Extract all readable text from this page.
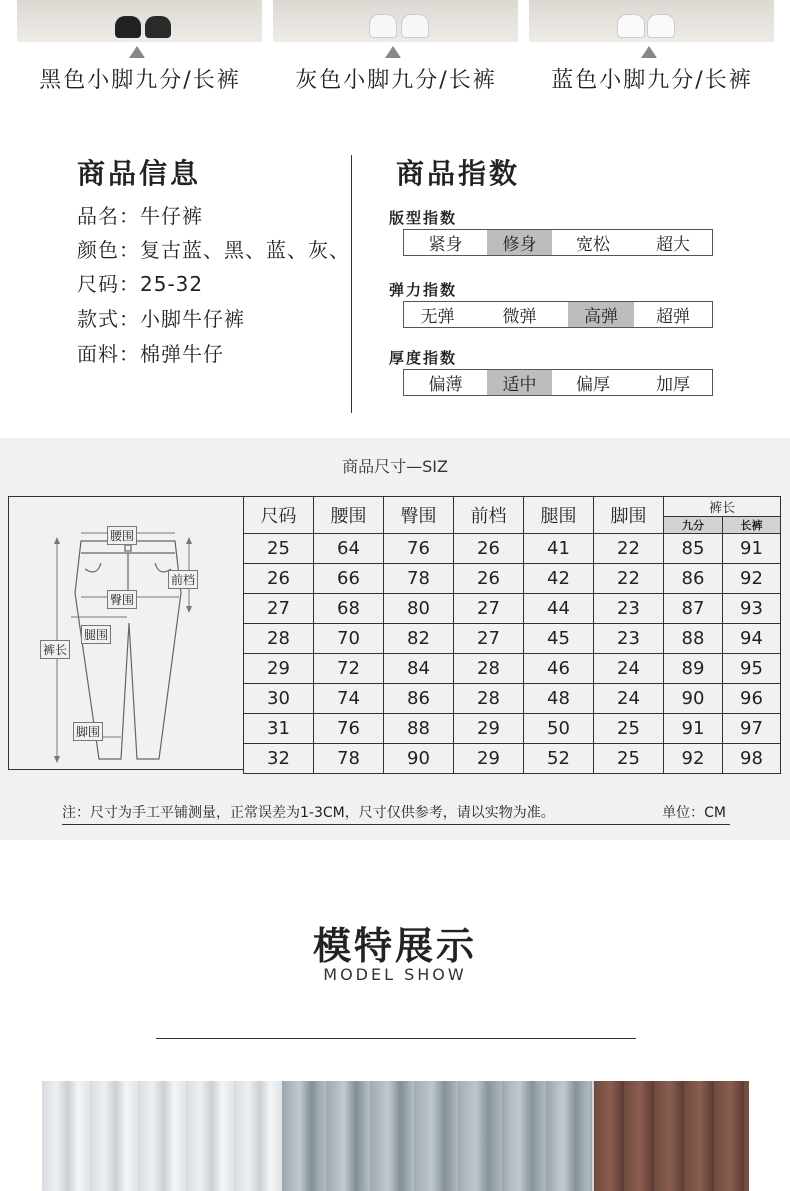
黑色小脚九分/长裤	灰色小脚九分/长裤	蓝色小脚九分/长裤
商品信息
品名：牛仔裤
颜色：复古蓝、黑、蓝、灰、
尺码：25-32
款式：小脚牛仔裤
面料：棉弹牛仔
商品指数
版型指数
紧身	修身	宽松	超大
弹力指数
无弹	微弹	高弹	超弹
厚度指数
偏薄	适中	偏厚	加厚
商品尺寸—SIZ
腰围
前档
臀围
腿围
裤长
脚围
尺码	腰围	臀围	前档	腿围	脚围	裤长	
						九分	长裤
25	64	76	26	41	22	85	91
26	66	78	26	42	22	86	92
27	68	80	27	44	23	87	93
28	70	82	27	45	23	88	94
29	72	84	28	46	24	89	95
30	74	86	28	48	24	90	96
31	76	88	29	50	25	91	97
32	78	90	29	52	25	92	98
注：尺寸为手工平铺测量，正常误差为1-3CM，尺寸仅供参考，请以实物为准。	单位：CM
模特展示
MODEL SHOW
